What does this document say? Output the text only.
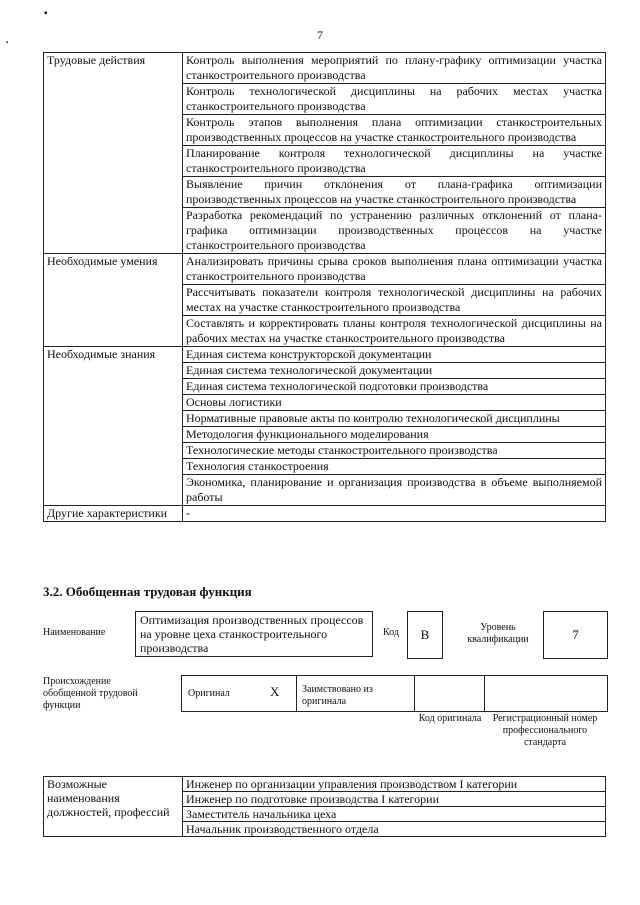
▪
▪
7
Трудовые действия	Контроль выполнения мероприятий по плану-графику оптимизации участка станкостроительного производства
	Контроль технологической дисциплины на рабочих местах участка станкостроительного производства
	Контроль этапов выполнения плана оптимизации станкостроительных производственных процессов на участке станкостроительного производства
	Планирование контроля технологической дисциплины на участке станкостроительного производства
	Выявление причин отклонения от плана-графика оптимизации производственных процессов на участке станкостроительного производства
	Разработка рекомендаций по устранению различных отклонений от плана-графика оптимизации производственных процессов на участке станкостроительного производства
Необходимые умения	Анализировать причины срыва сроков выполнения плана оптимизации участка станкостроительного производства
	Рассчитывать показатели контроля технологической дисциплины на рабочих местах на участке станкостроительного производства
	Составлять и корректировать планы контроля технологической дисциплины на рабочих местах на участке станкостроительного производства
Необходимые знания	Единая система конструкторской документации
	Единая система технологической документации
	Единая система технологической подготовки производства
	Основы логистики
	Нормативные правовые акты по контролю технологической дисциплины
	Методология функционального моделирования
	Технологические методы станкостроительного производства
	Технология станкостроения
	Экономика, планирование и организация производства в объеме выполняемой работы
Другие характеристики	-
3.2. Обобщенная трудовая функция
Наименование
Оптимизация производственных процессов на уровне цеха станкостроительного производства
Код B	Уровень квалификации	7
Происхождение обобщенной трудовой функции
Оригинал	X Заимствовано из оригинала
Код оригинала	Регистрационный номер профессионального стандарта
Возможные наименования должностей, профессий	Инженер по организации управления производством I категории
Инженер по подготовке производства I категории
Заместитель начальника цеха
Начальник производственного отдела
